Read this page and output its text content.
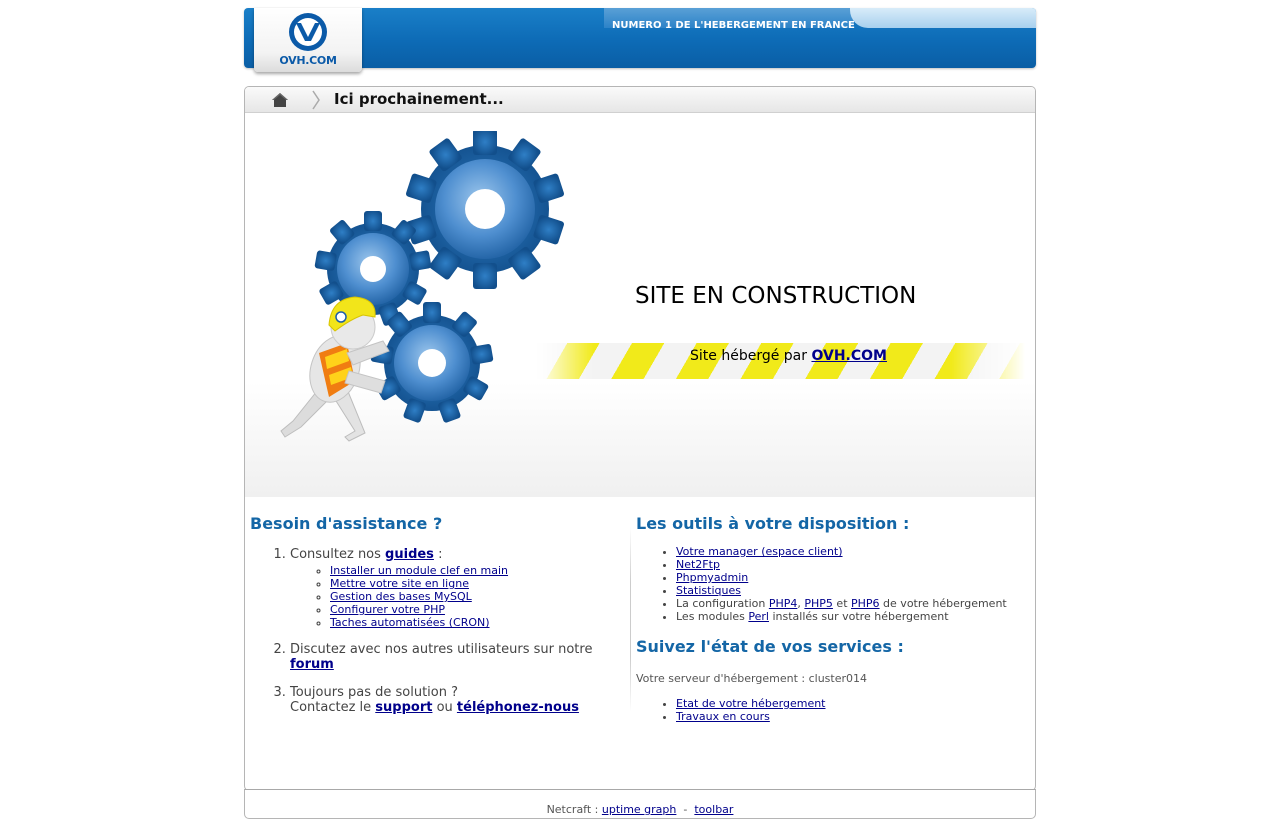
NUMERO 1 DE L'HEBERGEMENT EN FRANCE
OVH.COM
Ici prochainement...
SITE EN CONSTRUCTION
Site hébergé par OVH.COM
Besoin d'assistance ?
1. Consultez nos guides :
◦ Installer un module clef en main
◦ Mettre votre site en ligne
◦ Gestion des bases MySQL
◦ Configurer votre PHP
◦ Taches automatisées (CRON)
2. Discutez avec nos autres utilisateurs sur notre forum
3. Toujours pas de solution ?
Contactez le support ou téléphonez-nous
Les outils à votre disposition :
• Votre manager (espace client)
• Net2Ftp
• Phpmyadmin
• Statistiques
• La configuration PHP4, PHP5 et PHP6 de votre hébergement
• Les modules Perl installés sur votre hébergement
Suivez l'état de vos services :
Votre serveur d'hébergement : cluster014
• Etat de votre hébergement
• Travaux en cours
Netcraft : uptime graph  -  toolbar
